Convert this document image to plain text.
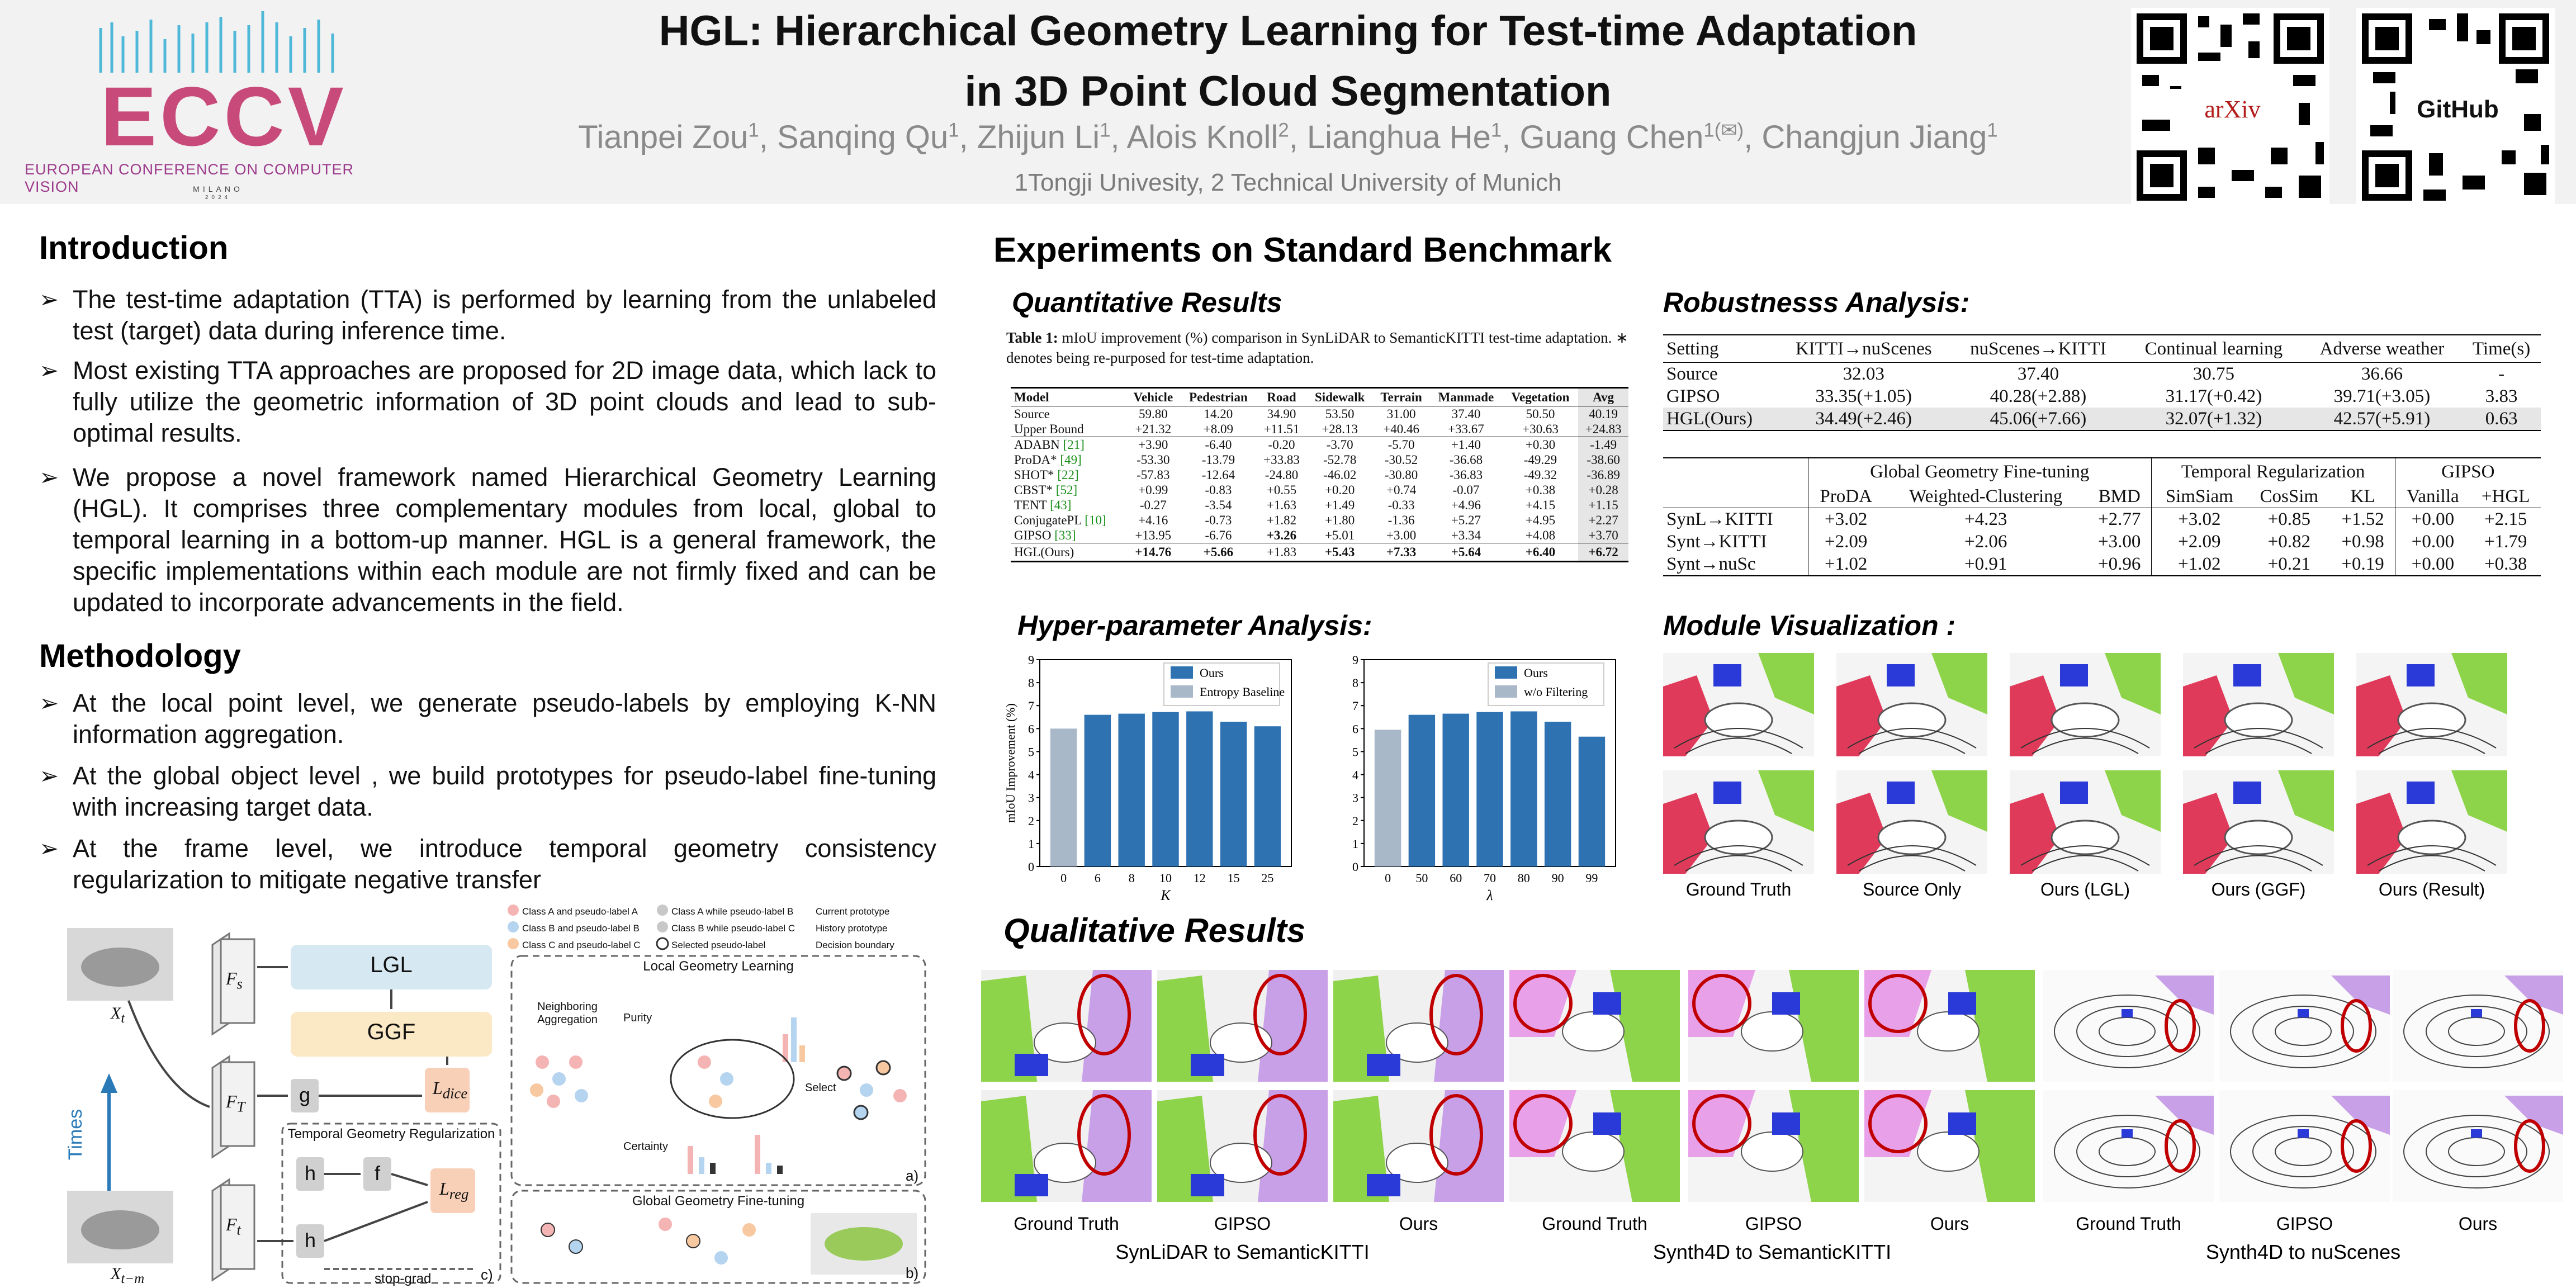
ECCV
EUROPEAN CONFERENCE ON COMPUTER VISION	MILANO
2024
HGL: Hierarchical Geometry Learning for Test-time Adaptation
in 3D Point Cloud Segmentation
Tianpei Zou$^1$, Sanqing Qu$^1$, Zhijun Li$^1$, Alois Knoll$^2$, Lianghua He$^1$, Guang Chen$^{1(✉)}$, Changjun Jiang$^1$
1Tongji Univesity, 2 Technical University of Munich
arXiv	GitHub
Introduction
➢ The test-time adaptation (TTA) is performed by learning from the unlabeled test (target) data during inference time.
➢ Most existing TTA approaches are proposed for 2D image data, which lack to fully utilize the geometric information of 3D point clouds and lead to sub-optimal results.
➢ We propose a novel framework named Hierarchical Geometry Learning (HGL). It comprises three complementary modules from local, global to temporal learning in a bottom-up manner. HGL is a general framework, the specific implementations within each module are not firmly fixed and can be updated to incorporate advancements in the field.
Methodology
➢ At the local point level, we generate pseudo-labels by employing K-NN information aggregation.
➢ At the global object level , we build prototypes for pseudo-label fine-tuning with increasing target data.
➢ At the frame level, we introduce temporal geometry consistency regularization to mitigate negative transfer
LGL
GGF
g
h
h
f
$L_{dice}$
$L_{reg}$
$F_s$
$F_T$
$F_t$
$X_t$
$X_{t-m}$
Times	Temporal Geometry Regularization
stop-grad	c)
Local Geometry Learning
Global Geometry Fine-tuning
Neighboring Aggregation	Purity
Certainty
Select
a)
b)
Class A and pseudo-label A	Class A while pseudo-label B Current prototype
Class B and pseudo-label B	Class B while pseudo-label C History prototype
Class C and pseudo-label C	Selected pseudo-label	Decision boundary
Experiments on Standard Benchmark
Quantitative Results
Table 1: mIoU improvement (%) comparison in SynLiDAR to SemanticKITTI test-time adaptation. ∗ denotes being re-purposed for test-time adaptation.
Model	Vehicle	Pedestrian	Road	Sidewalk	Terrain	Manmade	Vegetation	Avg
Source	59.80	14.20	34.90	53.50	31.00	37.40	50.50	40.19
Upper Bound	+21.32	+8.09	+11.51	+28.13	+40.46	+33.67	+30.63	+24.83
ADABN [21]	+3.90	-6.40	-0.20	-3.70	-5.70	+1.40	+0.30	-1.49
ProDA* [49]	-53.30	-13.79	+33.83	-52.78	-30.52	-36.68	-49.29	-38.60
SHOT* [22]	-57.83	-12.64	-24.80	-46.02	-30.80	-36.83	-49.32	-36.89
CBST* [52]	+0.99	-0.83	+0.55	+0.20	+0.74	-0.07	+0.38	+0.28
TENT [43]	-0.27	-3.54	+1.63	+1.49	-0.33	+4.96	+4.15	+1.15
ConjugatePL [10]	+4.16	-0.73	+1.82	+1.80	-1.36	+5.27	+4.95	+2.27
GIPSO [33]	+13.95	-6.76	+3.26	+5.01	+3.00	+3.34	+4.08	+3.70
HGL(Ours)	+14.76	+5.66	+1.83	+5.43	+7.33	+5.64	+6.40	+6.72
Robustnesss Analysis:
Setting	KITTI→nuScenes	nuScenes→KITTI	Continual learning	Adverse weather	Time(s)
Source	32.03	37.40	30.75	36.66	-
GIPSO	33.35(+1.05)	40.28(+2.88)	31.17(+0.42)	39.71(+3.05)	3.83
HGL(Ours)	34.49(+2.46)	45.06(+7.66)	32.07(+1.32)	42.57(+5.91)	0.63
	Global Geometry Fine-tuning			Temporal Regularization			GIPSO	
	ProDA	Weighted-Clustering	BMD	SimSiam	CosSim	KL	Vanilla	+HGL
SynL→KITTI	+3.02	+4.23	+2.77	+3.02	+0.85	+1.52	+0.00	+2.15
Synt→KITTI	+2.09	+2.06	+3.00	+2.09	+0.82	+0.98	+0.00	+1.79
Synt→nuSc	+1.02	+0.91	+0.96	+1.02	+0.21	+0.19	+0.00	+0.38
Hyper-parameter Analysis:
0
1
2
3
4
5
6
7
8
9
0 6 8 10 12 15 25
K
mIoU Improvement (%)
Ours
Entropy Baseline
0
1
2
3
4
5
6
7
8
9
0 50 60 70 80 90 99
λ
Ours
w/o Filtering
Module Visualization :
Ground Truth	Source Only	Ours (LGL)	Ours (GGF)	Ours (Result)
Qualitative Results
Ground Truth	GIPSO	Ours	Ground Truth	GIPSO	Ours	Ground Truth	GIPSO	Ours
SynLiDAR to SemanticKITTI	Synth4D to SemanticKITTI	Synth4D to nuScenes
